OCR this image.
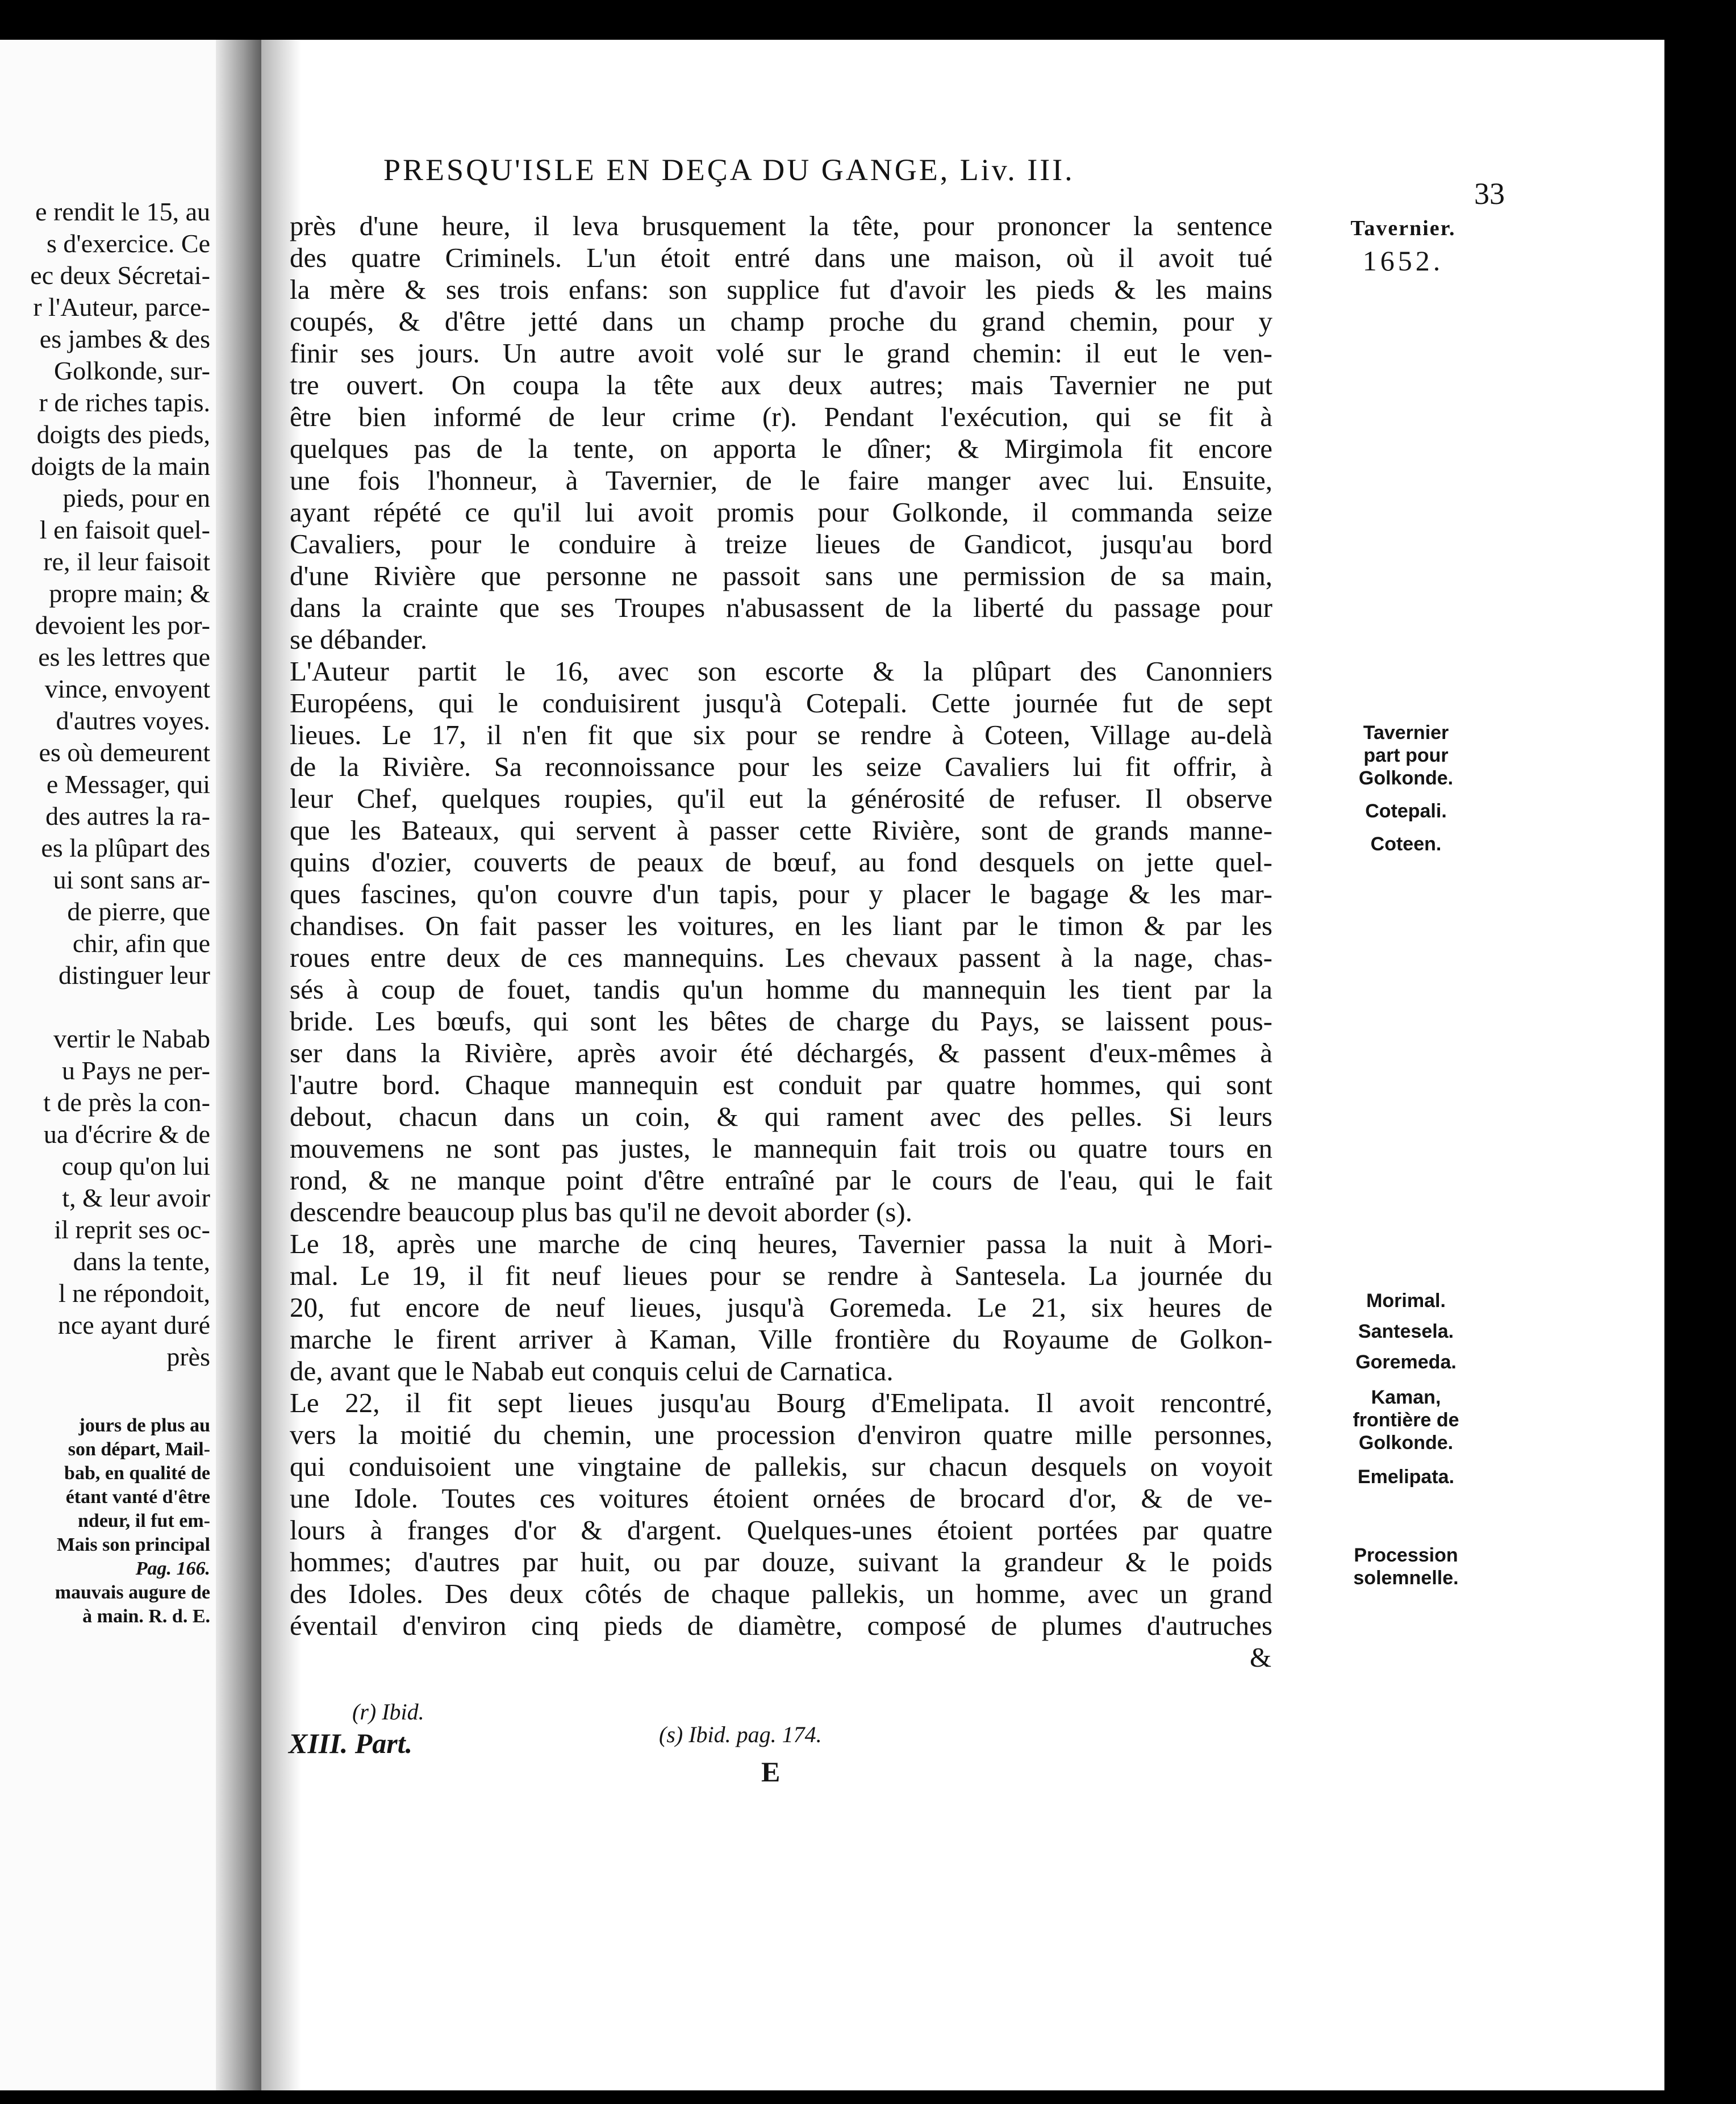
e rendit le 15, au
s d'exercice. Ce
ec deux Sécretai-
r l'Auteur, parce-
es jambes & des
Golkonde, sur-
r de riches tapis.
doigts des pieds,
doigts de la main
pieds, pour en
l en faisoit quel-
re, il leur faisoit
propre main; &
devoient les por-
es les lettres que
vince, envoyent
d'autres voyes.
es où demeurent
e Messager, qui
des autres la ra-
es la plûpart des
ui sont sans ar-
de pierre, que
chir, afin que
distinguer leur
vertir le Nabab
u Pays ne per-
t de près la con-
ua d'écrire & de
coup qu'on lui
t, & leur avoir
il reprit ses oc-
dans la tente,
l ne répondoit,
nce ayant duré
près
jours de plus au
son départ, Mail-
bab, en qualité de
étant vanté d'être
ndeur, il fut em-
Mais son principal
Pag. 166.
mauvais augure de
à main. R. d. E.
PRESQU'ISLE EN DEÇA DU GANGE, Liv. III.
33
Tavernier.
1652.
Tavernier
part pour
Golkonde.
Cotepali.
Coteen.
Morimal.
Santesela.
Goremeda.
Kaman,
frontière de
Golkonde.
Emelipata.
Procession
solemnelle.
près d'une heure, il leva brusquement la tête, pour prononcer la sentence
des quatre Criminels. L'un étoit entré dans une maison, où il avoit tué
la mère & ses trois enfans: son supplice fut d'avoir les pieds & les mains
coupés, & d'être jetté dans un champ proche du grand chemin, pour y
finir ses jours. Un autre avoit volé sur le grand chemin: il eut le ven-
tre ouvert. On coupa la tête aux deux autres; mais Tavernier ne put
être bien informé de leur crime (r). Pendant l'exécution, qui se fit à
quelques pas de la tente, on apporta le dîner; & Mirgimola fit encore
une fois l'honneur, à Tavernier, de le faire manger avec lui. Ensuite,
ayant répété ce qu'il lui avoit promis pour Golkonde, il commanda seize
Cavaliers, pour le conduire à treize lieues de Gandicot, jusqu'au bord
d'une Rivière que personne ne passoit sans une permission de sa main,
dans la crainte que ses Troupes n'abusassent de la liberté du passage pour
se débander.
L'Auteur partit le 16, avec son escorte & la plûpart des Canonniers
Européens, qui le conduisirent jusqu'à Cotepali. Cette journée fut de sept
lieues. Le 17, il n'en fit que six pour se rendre à Coteen, Village au-delà
de la Rivière. Sa reconnoissance pour les seize Cavaliers lui fit offrir, à
leur Chef, quelques roupies, qu'il eut la générosité de refuser. Il observe
que les Bateaux, qui servent à passer cette Rivière, sont de grands manne-
quins d'ozier, couverts de peaux de bœuf, au fond desquels on jette quel-
ques fascines, qu'on couvre d'un tapis, pour y placer le bagage & les mar-
chandises. On fait passer les voitures, en les liant par le timon & par les
roues entre deux de ces mannequins. Les chevaux passent à la nage, chas-
sés à coup de fouet, tandis qu'un homme du mannequin les tient par la
bride. Les bœufs, qui sont les bêtes de charge du Pays, se laissent pous-
ser dans la Rivière, après avoir été déchargés, & passent d'eux-mêmes à
l'autre bord. Chaque mannequin est conduit par quatre hommes, qui sont
debout, chacun dans un coin, & qui rament avec des pelles. Si leurs
mouvemens ne sont pas justes, le mannequin fait trois ou quatre tours en
rond, & ne manque point d'être entraîné par le cours de l'eau, qui le fait
descendre beaucoup plus bas qu'il ne devoit aborder (s).
Le 18, après une marche de cinq heures, Tavernier passa la nuit à Mori-
mal. Le 19, il fit neuf lieues pour se rendre à Santesela. La journée du
20, fut encore de neuf lieues, jusqu'à Goremeda. Le 21, six heures de
marche le firent arriver à Kaman, Ville frontière du Royaume de Golkon-
de, avant que le Nabab eut conquis celui de Carnatica.
Le 22, il fit sept lieues jusqu'au Bourg d'Emelipata. Il avoit rencontré,
vers la moitié du chemin, une procession d'environ quatre mille personnes,
qui conduisoient une vingtaine de pallekis, sur chacun desquels on voyoit
une Idole. Toutes ces voitures étoient ornées de brocard d'or, & de ve-
lours à franges d'or & d'argent. Quelques-unes étoient portées par quatre
hommes; d'autres par huit, ou par douze, suivant la grandeur & le poids
des Idoles. Des deux côtés de chaque pallekis, un homme, avec un grand
éventail d'environ cinq pieds de diamètre, composé de plumes d'autruches
&
(r) Ibid.
(s) Ibid. pag. 174.
XIII. Part.
E
